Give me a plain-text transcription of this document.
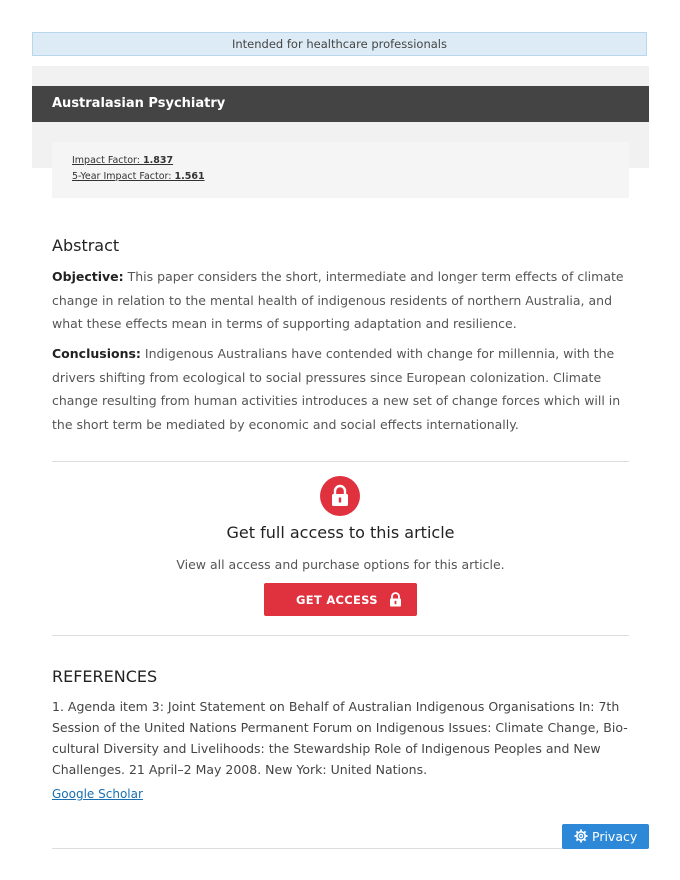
Intended for healthcare professionals
Australasian Psychiatry
Impact Factor: 1.837
5-Year Impact Factor: 1.561
Abstract
Objective: This paper considers the short, intermediate and longer term effects of climate change in relation to the mental health of indigenous residents of northern Australia, and what these effects mean in terms of supporting adaptation and resilience.
Conclusions: Indigenous Australians have contended with change for millennia, with the drivers shifting from ecological to social pressures since European colonization. Climate change resulting from human activities introduces a new set of change forces which will in the short term be mediated by economic and social effects internationally.
Get full access to this article
View all access and purchase options for this article.
GET ACCESS
REFERENCES
1. Agenda item 3: Joint Statement on Behalf of Australian Indigenous Organisations In: 7th Session of the United Nations Permanent Forum on Indigenous Issues: Climate Change, Bio-cultural Diversity and Livelihoods: the Stewardship Role of Indigenous Peoples and New Challenges. 21 April–2 May 2008. New York: United Nations.
Google Scholar
Privacy
